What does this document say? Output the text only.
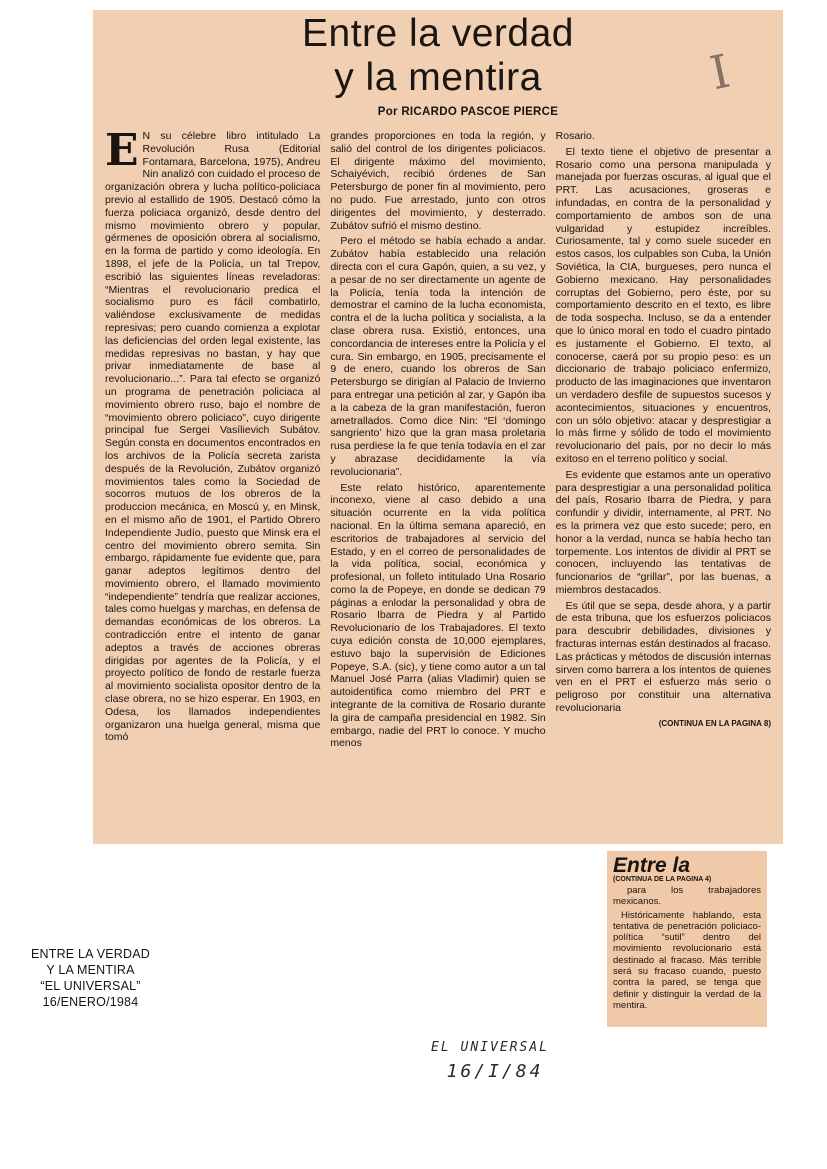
I
Entre la verdad
y la mentira
Por RICARDO PASCOE PIERCE

E N su célebre libro intitulado La Revolución Rusa (Editorial Fontamara, Barcelona, 1975), Andreu Nin analizó con cuidado el proceso de organización obrera y lucha político-policiaca previo al estallido de 1905. Destacó cómo la fuerza policiaca organizó, desde dentro del mismo movimiento obrero y popular, gérmenes de oposición obrera al socialismo, en la forma de partido y como ideología. En 1898, el jefe de la Policía, un tal Trepov, escribió las siguientes líneas reveladoras: “Mientras el revolucionario predica el socialismo puro es fácil combatirlo, valiéndose exclusivamente de medidas represivas; pero cuando comienza a explotar las deficiencias del orden legal existente, las medidas represivas no bastan, y hay que privar inmediatamente de base al revolucionario...”. Para tal efecto se organizó un programa de penetración policiaca al movimiento obrero ruso, bajo el nombre de “movimiento obrero policiaco”, cuyo dirigente principal fue Sergei Vasílievich Subátov. Según consta en documentos encontrados en los archivos de la Policía secreta zarista después de la Revolución, Zubátov organizó movimientos tales como la Sociedad de socorros mutuos de los obreros de la produccion mecánica, en Moscú y, en Minsk, en el mismo año de 1901, el Partido Obrero Independiente Judío, puesto que Minsk era el centro del movimiento obrero semita. Sin embargo, rápidamente fue evidente que, para ganar adeptos legítimos dentro del movimiento obrero, el llamado movimiento “independiente” tendría que realizar acciones, tales como huelgas y marchas, en defensa de demandas económicas de los obreros. La contradicción entre el intento de ganar adeptos a través de acciones obreras dirigidas por agentes de la Policía, y el proyecto político de fondo de restarle fuerza al movimiento socialista opositor dentro de la clase obrera, no se hizo esperar. En 1903, en Odesa, los llamados independientes organizaron una huelga general, misma que tomó

grandes proporciones en toda la región, y salió del control de los dirigentes policiacos. El dirigente máximo del movimiento, Schaiyévich, recibió órdenes de San Petersburgo de poner fin al movimiento, pero no pudo. Fue arrestado, junto con otros dirigentes del movimiento, y desterrado. Zubátov sufrió el mismo destino.

Pero el método se había echado a andar. Zubátov había establecido una relación directa con el cura Gapón, quien, a su vez, y a pesar de no ser directamente un agente de la Policía, tenía toda la intención de demostrar el camino de la lucha economista, contra el de la lucha política y socialista, a la clase obrera rusa. Existió, entonces, una concordancia de intereses entre la Policía y el cura. Sin embargo, en 1905, precisamente el 9 de enero, cuando los obreros de San Petersburgo se dirigían al Palacio de Invierno para entregar una petición al zar, y Gapón iba a la cabeza de la gran manifestación, fueron ametrallados. Como dice Nin: “El ‘domingo sangriento’ hizo que la gran masa proletaria rusa perdiese la fe que tenía todavía en el zar y abrazase decididamente la vía revolucionaria”.

Este relato histórico, aparentemente inconexo, viene al caso debido a una situación ocurrente en la vida política nacional. En la última semana apareció, en escritorios de trabajadores al servicio del Estado, y en el correo de personalidades de la vida política, social, económica y profesional, un folleto intitulado Una Rosario como la de Popeye, en donde se dedican 79 páginas a enlodar la personalidad y obra de Rosario Ibarra de Piedra y al Partido Revolucionario de los Trabajadores. El texto cuya edición consta de 10,000 ejemplares, estuvo bajo la supervisión de Ediciones Popeye, S.A. (sic), y tiene como autor a un tal Manuel José Parra (alias Vladimir) quien se autoidentifica como miembro del PRT e integrante de la comitiva de Rosario durante la gira de campaña presidencial en 1982. Sin embargo, nadie del PRT lo conoce. Y mucho menos

Rosario.

El texto tiene el objetivo de presentar a Rosario como una persona manipulada y manejada por fuerzas oscuras, al igual que el PRT. Las acusaciones, groseras e infundadas, en contra de la personalidad y comportamiento de ambos son de una vulgaridad y estupidez increíbles. Curiosamente, tal y como suele suceder en estos casos, los culpables son Cuba, la Unión Soviética, la CIA, burgueses, pero nunca el Gobierno mexicano. Hay personalidades corruptas del Gobierno, pero éste, por su comportamiento descrito en el texto, es libre de toda sospecha. Incluso, se da a entender que lo único moral en todo el cuadro pintado es justamente el Gobierno. El texto, al conocerse, caerá por su propio peso: es un diccionario de trabajo policiaco enfermizo, producto de las imaginaciones que inventaron un verdadero desfile de supuestos sucesos y acontecimientos, situaciones y encuentros, con un sólo objetivo: atacar y desprestigiar a lo más firme y sólido de todo el movimiento revolucionario del país, por no decir lo más exitoso en el terreno político y social.

Es evidente que estamos ante un operativo para desprestigiar a una personalidad política del país, Rosario Ibarra de Piedra, y para confundir y dividir, internamente, al PRT. No es la primera vez que esto sucede; pero, en honor a la verdad, nunca se había hecho tan torpemente. Los intentos de dividir al PRT se conocen, incluyendo las tentativas de funcionarios de “grillar”, por las buenas, a miembros destacados.

Es útil que se sepa, desde ahora, y a partir de esta tribuna, que los esfuerzos policiacos para descubrir debilidades, divisiones y fracturas internas están destinados al fracaso. Las prácticas y métodos de discusión internas sirven como barrera a los intentos de quienes ven en el PRT el esfuerzo más serio o peligroso por constituir una alternativa revolucionaria

(CONTINUA EN LA PAGINA 8)
Entre la
(CONTINUA DE LA PAGINA 4)

para los trabajadores mexicanos.

Históricamente hablando, esta tentativa de penetración policiaco-política “sutil” dentro del movimiento revolucionario está destinado al fracaso. Más terrible será su fracaso cuando, puesto contra la pared, se tenga que definir y distinguir la verdad de la mentira.

ENTRE LA VERDAD
Y LA MENTIRA
“EL UNIVERSAL”
16/ENERO/1984
EL UNIVERSAL
16/I/84
